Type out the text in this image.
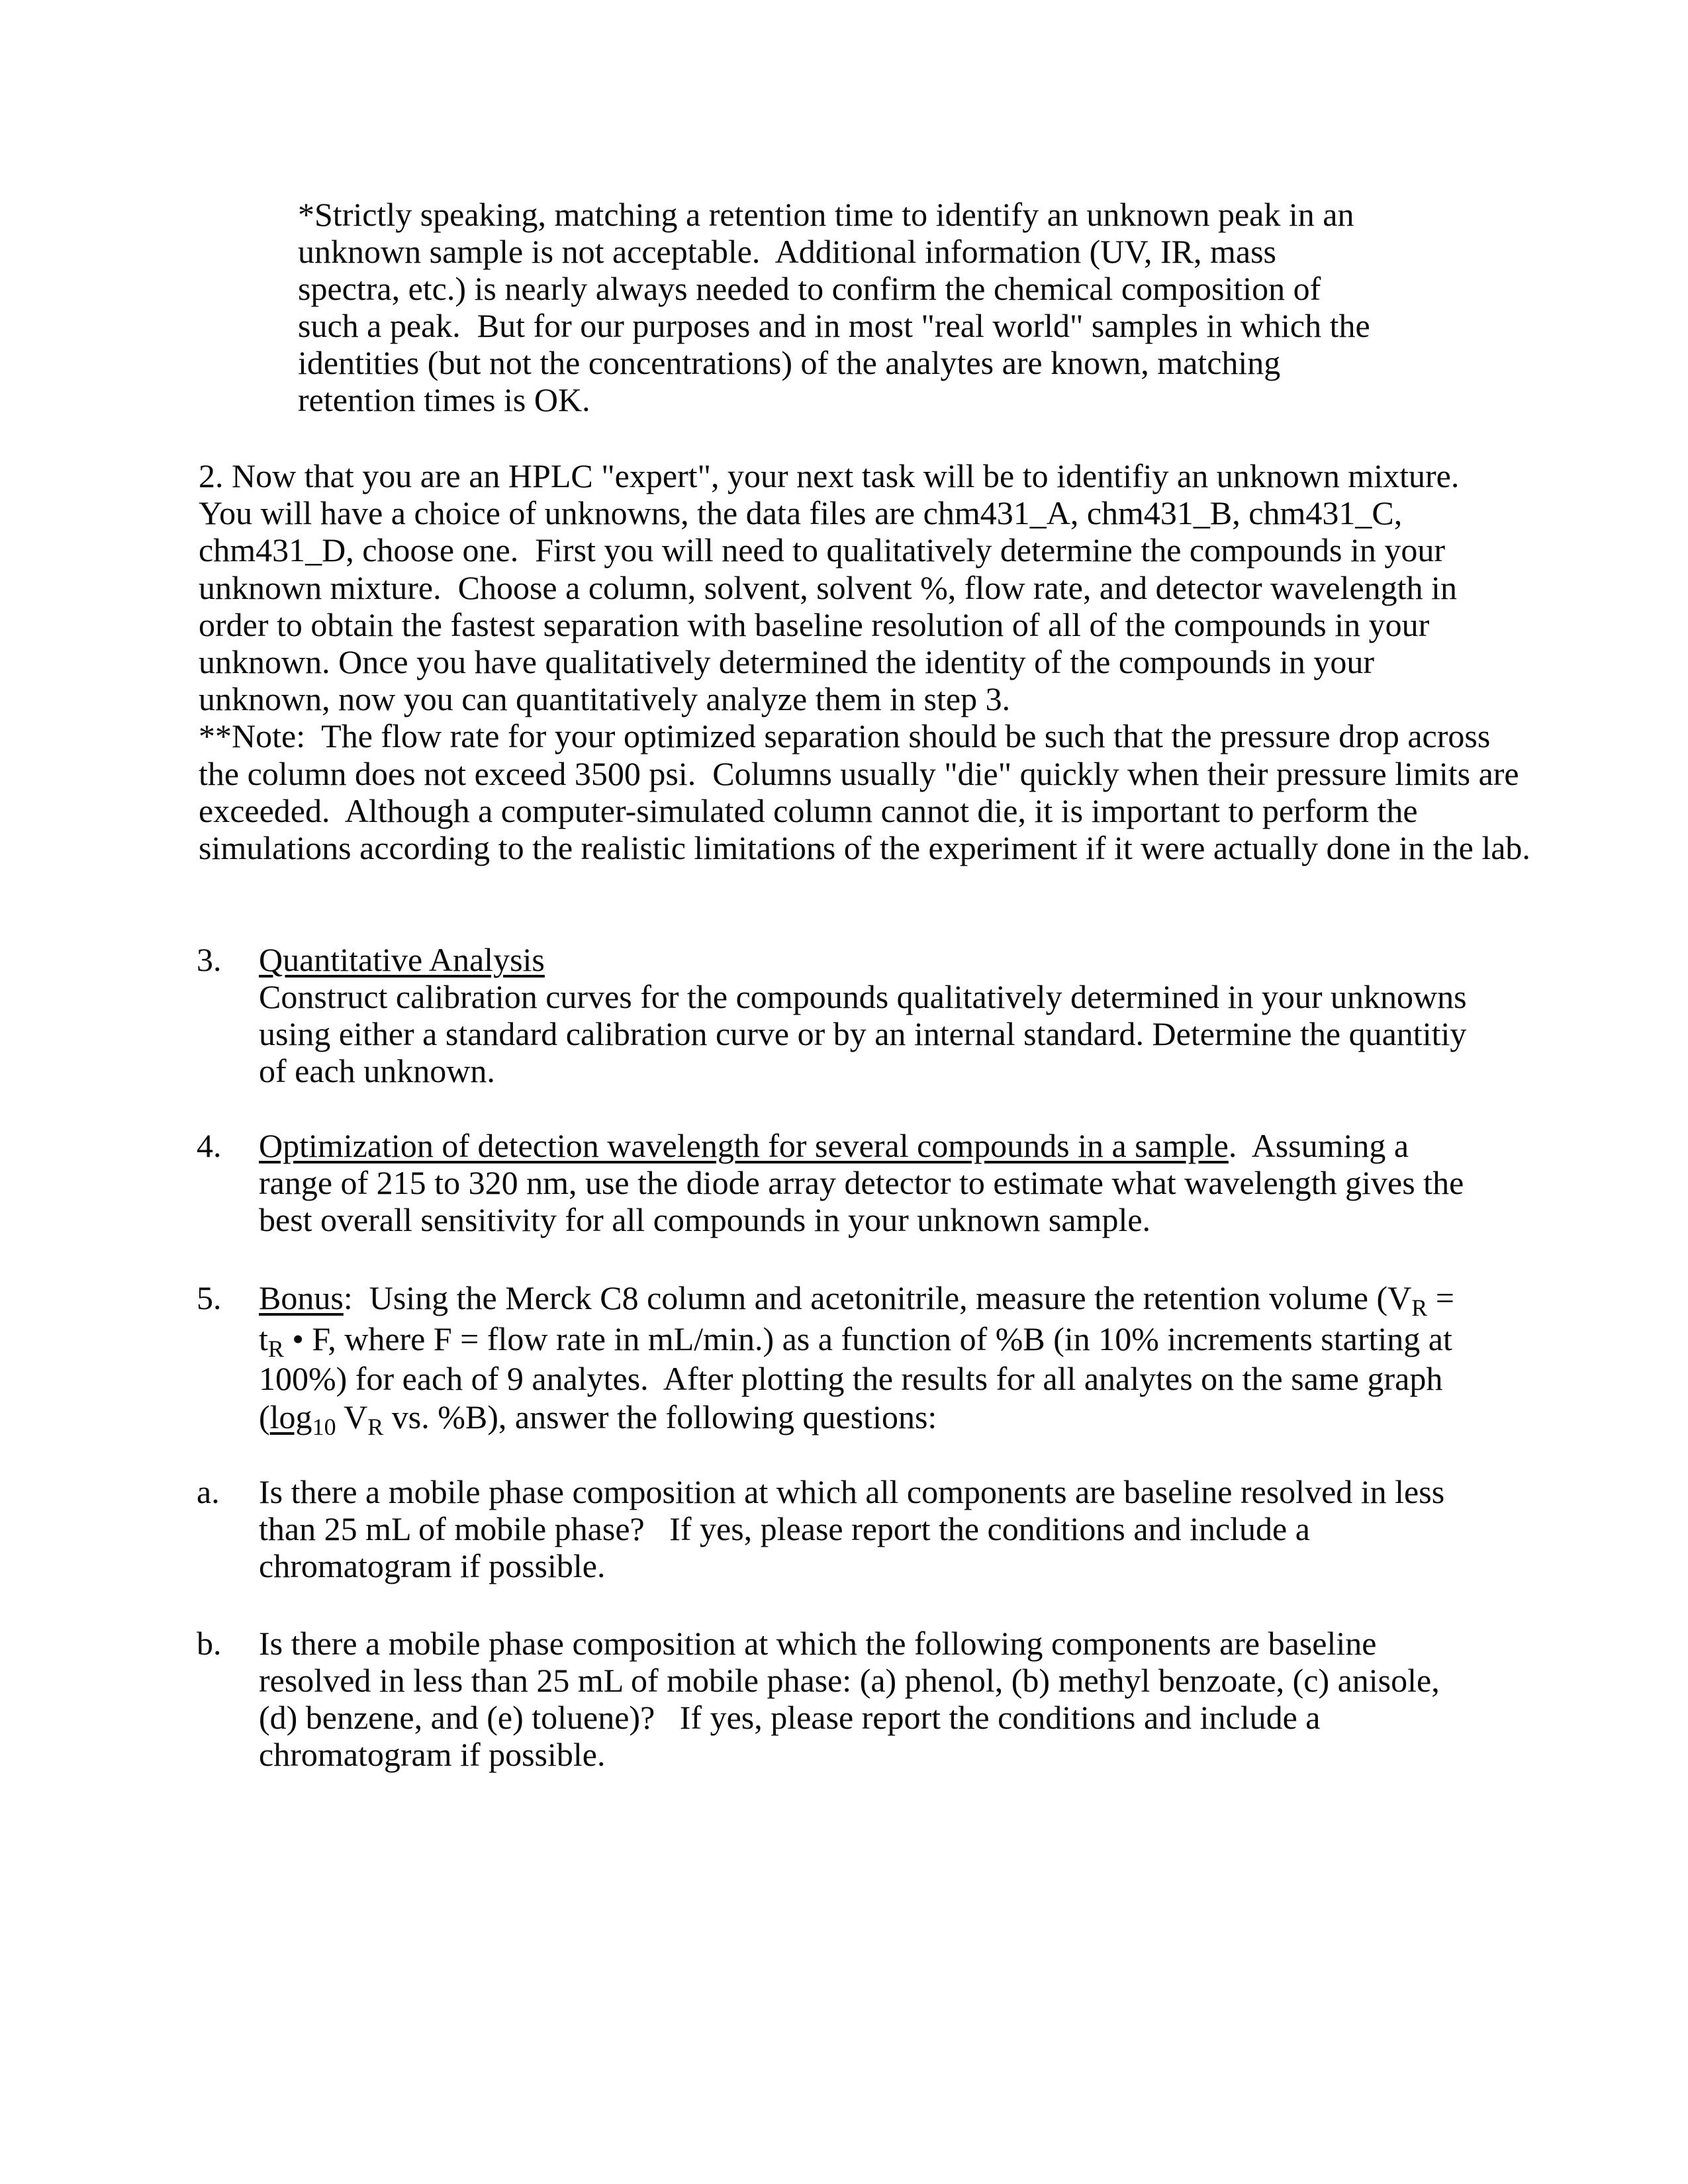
*Strictly speaking, matching a retention time to identify an unknown peak in an
unknown sample is not acceptable.  Additional information (UV, IR, mass
spectra, etc.) is nearly always needed to confirm the chemical composition of
such a peak.  But for our purposes and in most "real world" samples in which the
identities (but not the concentrations) of the analytes are known, matching
retention times is OK.
2. Now that you are an HPLC "expert", your next task will be to identifiy an unknown mixture.
You will have a choice of unknowns, the data files are chm431_A, chm431_B, chm431_C,
chm431_D, choose one.  First you will need to qualitatively determine the compounds in your
unknown mixture.  Choose a column, solvent, solvent %, flow rate, and detector wavelength in
order to obtain the fastest separation with baseline resolution of all of the compounds in your
unknown. Once you have qualitatively determined the identity of the compounds in your
unknown, now you can quantitatively analyze them in step 3.
**Note:  The flow rate for your optimized separation should be such that the pressure drop across
the column does not exceed 3500 psi.  Columns usually "die" quickly when their pressure limits are
exceeded.  Although a computer-simulated column cannot die, it is important to perform the
simulations according to the realistic limitations of the experiment if it were actually done in the lab.
3. Quantitative Analysis
Construct calibration curves for the compounds qualitatively determined in your unknowns
using either a standard calibration curve or by an internal standard. Determine the quantitiy
of each unknown.
4. Optimization of detection wavelength for several compounds in a sample.  Assuming a
range of 215 to 320 nm, use the diode array detector to estimate what wavelength gives the
best overall sensitivity for all compounds in your unknown sample.
5. Bonus:  Using the Merck C8 column and acetonitrile, measure the retention volume ($V_R$ =
$t_R$ • F, where F = flow rate in mL/min.) as a function of %B (in 10% increments starting at
100%) for each of 9 analytes.  After plotting the results for all analytes on the same graph
($\log_{10}$ $V_R$ vs. %B), answer the following questions:
a. Is there a mobile phase composition at which all components are baseline resolved in less
than 25 mL of mobile phase?   If yes, please report the conditions and include a
chromatogram if possible.
b. Is there a mobile phase composition at which the following components are baseline
resolved in less than 25 mL of mobile phase: (a) phenol, (b) methyl benzoate, (c) anisole,
(d) benzene, and (e) toluene)?   If yes, please report the conditions and include a
chromatogram if possible.
